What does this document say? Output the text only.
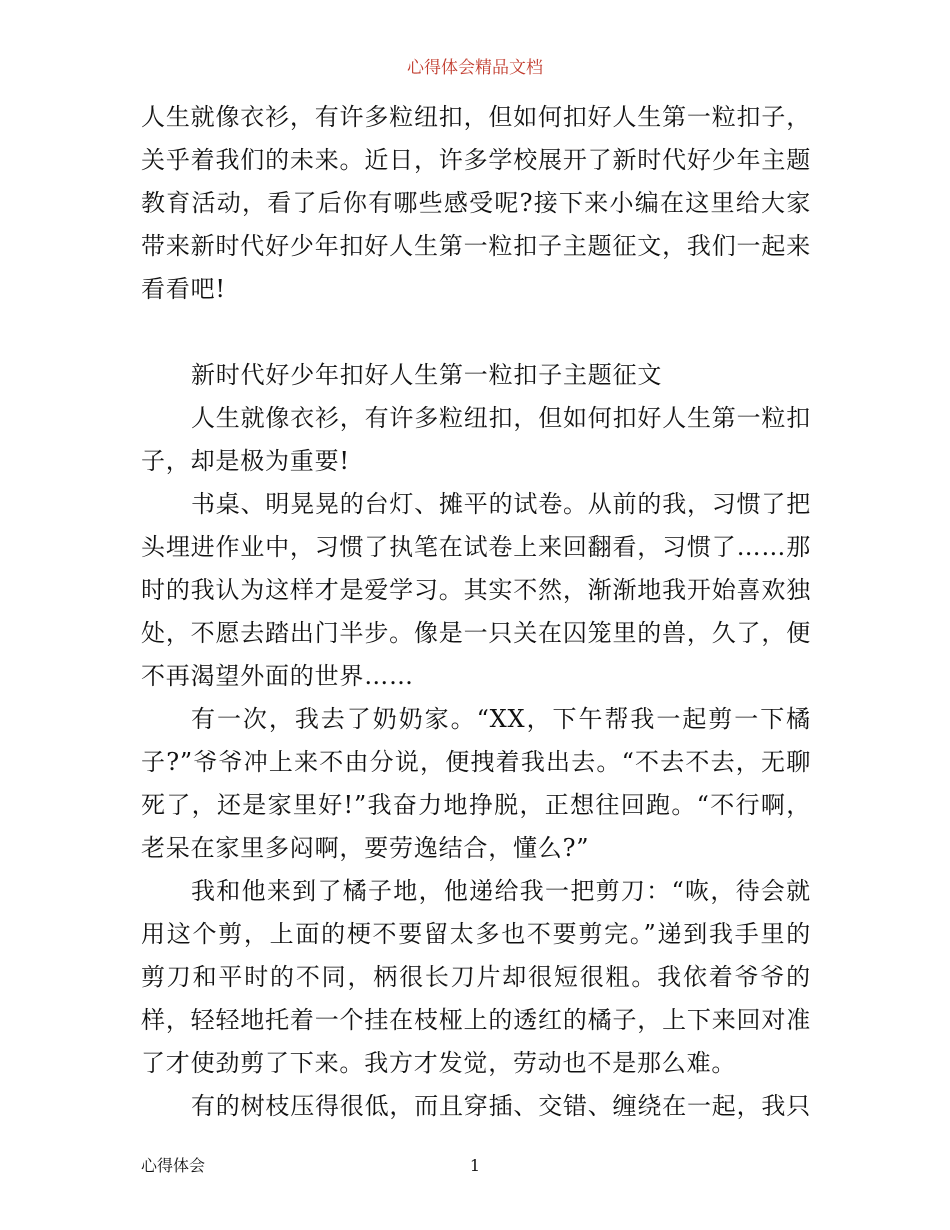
心得体会精品文档

人生就像衣衫，有许多粒纽扣，但如何扣好人生第一粒扣子，关乎着我们的未来。近日，许多学校展开了新时代好少年主题教育活动，看了后你有哪些感受呢?接下来小编在这里给大家带来新时代好少年扣好人生第一粒扣子主题征文，我们一起来看看吧!

新时代好少年扣好人生第一粒扣子主题征文

人生就像衣衫，有许多粒纽扣，但如何扣好人生第一粒扣子，却是极为重要!

书桌、明晃晃的台灯、摊平的试卷。从前的我，习惯了把头埋进作业中，习惯了执笔在试卷上来回翻看，习惯了……那时的我认为这样才是爱学习。其实不然，渐渐地我开始喜欢独处，不愿去踏出门半步。像是一只关在囚笼里的兽，久了，便不再渴望外面的世界……

有一次，我去了奶奶家。“XX，下午帮我一起剪一下橘子?”爷爷冲上来不由分说，便拽着我出去。“不去不去，无聊死了，还是家里好!”我奋力地挣脱，正想往回跑。“不行啊，老呆在家里多闷啊，要劳逸结合，懂么?”

我和他来到了橘子地，他递给我一把剪刀：“咴，待会就用这个剪，上面的梗不要留太多也不要剪完。”递到我手里的剪刀和平时的不同，柄很长刀片却很短很粗。我依着爷爷的样，轻轻地托着一个挂在枝桠上的透红的橘子，上下来回对准了才使劲剪了下来。我方才发觉，劳动也不是那么难。

有的树枝压得很低，而且穿插、交错、缠绕在一起，我只

心得体会	1
